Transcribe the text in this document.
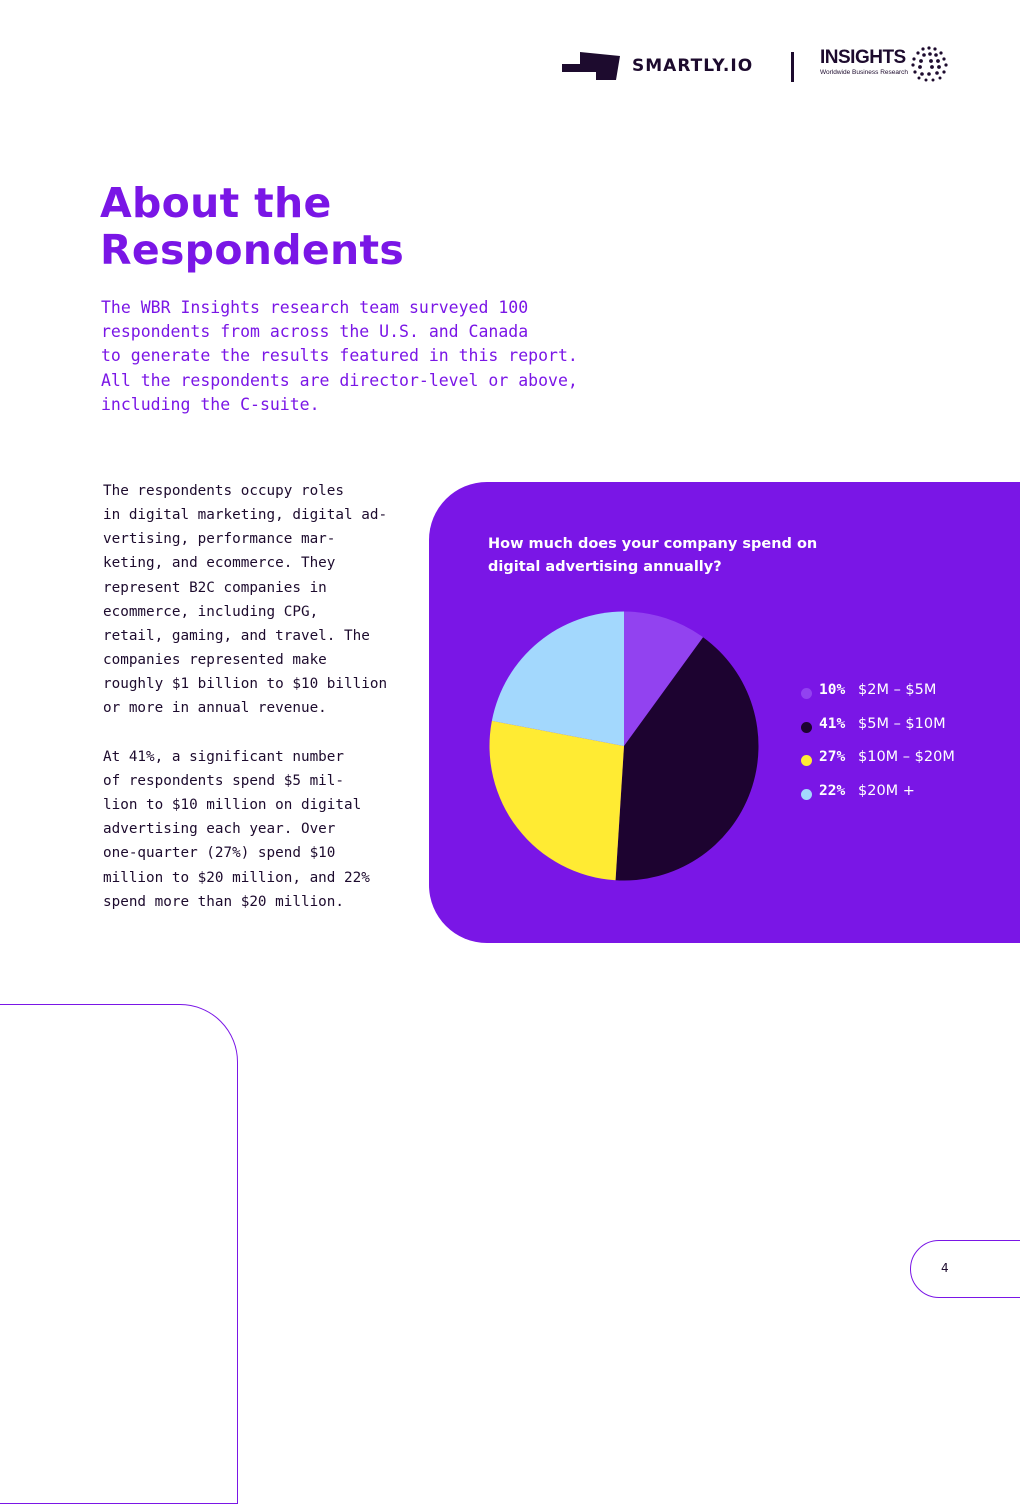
SMARTLY.IO	INSIGHTS
Worldwide Business Research
About the
Respondents

The WBR Insights research team surveyed 100
respondents from across the U.S. and Canada
to generate the results featured in this report.
All the respondents are director-level or above,
including the C-suite.

The respondents occupy roles
in digital marketing, digital ad-
vertising, performance mar-
keting, and ecommerce. They
represent B2C companies in
ecommerce, including CPG,
retail, gaming, and travel. The
companies represented make
roughly $1 billion to $10 billion
or more in annual revenue.

At 41%, a significant number
of respondents spend $5 mil-
lion to $10 million on digital
advertising each year. Over
one-quarter (27%) spend $10
million to $20 million, and 22%
spend more than $20 million.

How much does your company spend on
digital advertising annually?

10% $2M – $5M
41% $5M – $10M
27% $10M – $20M
22% $20M +
4
